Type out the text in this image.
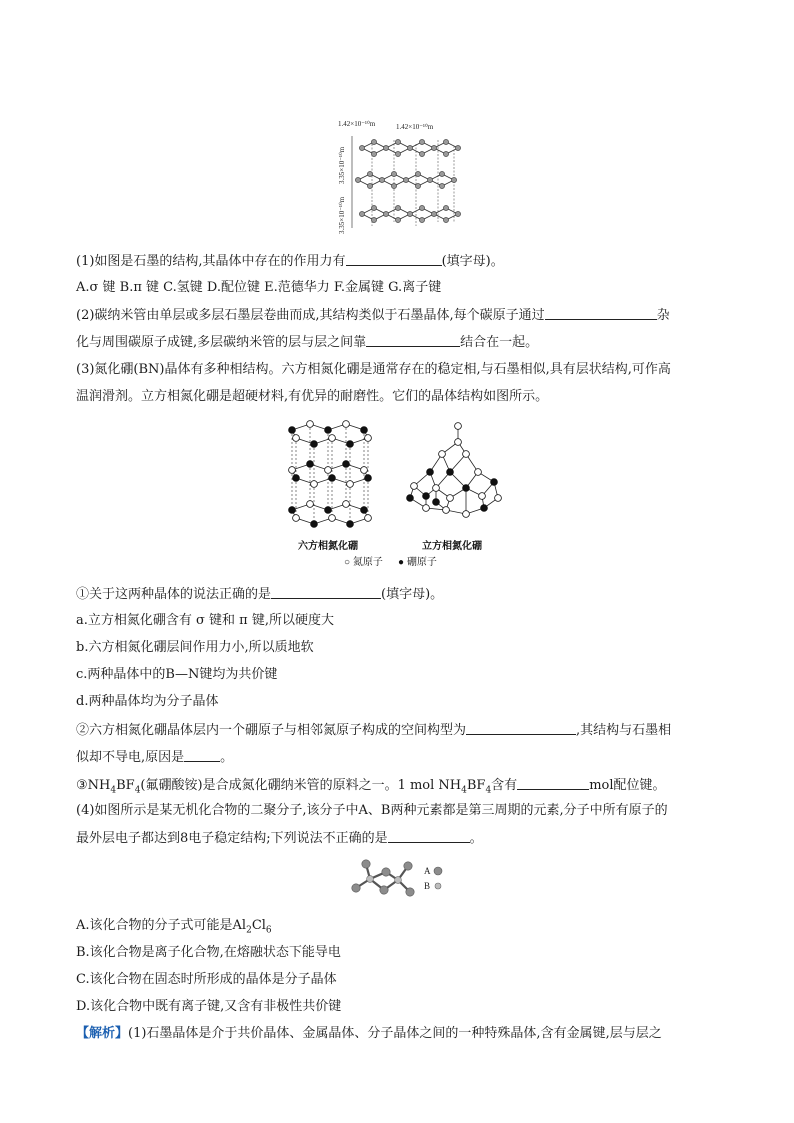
1.42×10⁻¹⁰m	1.42×10⁻¹⁰m
3.35×10⁻¹⁰m
3.35×10⁻¹⁰m
(1)如图是石墨的结构,其晶体中存在的作用力有	(填字母)。
A.σ 键 B.π 键 C.氢键 D.配位键 E.范德华力 F.金属键 G.离子键
(2)碳纳米管由单层或多层石墨层卷曲而成,其结构类似于石墨晶体,每个碳原子通过	杂
化与周围碳原子成键,多层碳纳米管的层与层之间靠	结合在一起。
(3)氮化硼(BN)晶体有多种相结构。六方相氮化硼是通常存在的稳定相,与石墨相似,具有层状结构,可作高
温润滑剂。立方相氮化硼是超硬材料,有优异的耐磨性。它们的晶体结构如图所示。
六方相氮化硼	立方相氮化硼
○ 氮原子 ● 硼原子
①关于这两种晶体的说法正确的是	(填字母)。
a.立方相氮化硼含有 σ 键和 π 键,所以硬度大
b.六方相氮化硼层间作用力小,所以质地软
c.两种晶体中的B—N键均为共价键
d.两种晶体均为分子晶体
②六方相氮化硼晶体层内一个硼原子与相邻氮原子构成的空间构型为	,其结构与石墨相
似却不导电,原因是	。
$③NH_4BF_4$(氟硼酸铵)是合成氮化硼纳米管的原料之一。1 mol $NH_4BF_4$含有	mol配位键。
(4)如图所示是某无机化合物的二聚分子,该分子中A、B两种元素都是第三周期的元素,分子中所有原子的
最外层电子都达到8电子稳定结构;下列说法不正确的是	。
A
B
A.该化合物的分子式可能是$Al_2Cl_6$
B.该化合物是离子化合物,在熔融状态下能导电
C.该化合物在固态时所形成的晶体是分子晶体
D.该化合物中既有离子键,又含有非极性共价键
【解析】(1)石墨晶体是介于共价晶体、金属晶体、分子晶体之间的一种特殊晶体,含有金属键,层与层之
